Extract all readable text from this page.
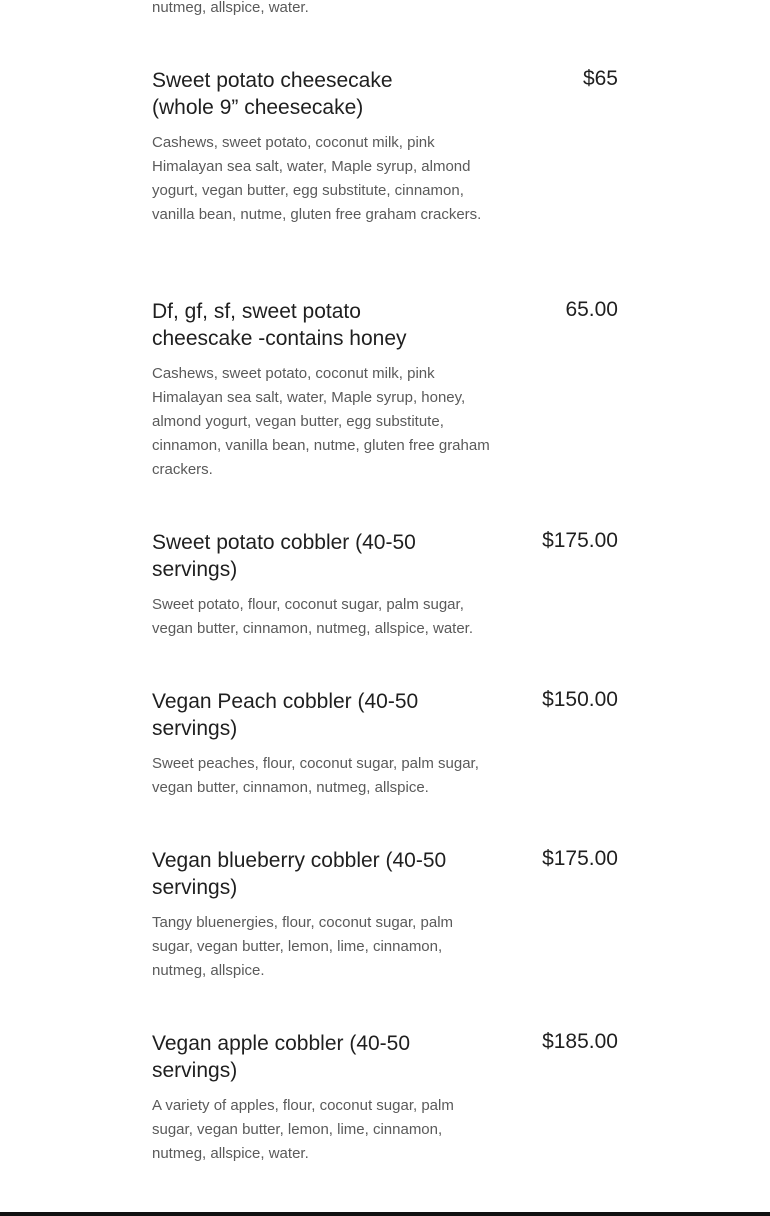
nutmeg, allspice, water.

Sweet potato cheesecake (whole 9” cheesecake)
$65

Cashews, sweet potato, coconut milk, pink Himalayan sea salt, water, Maple syrup, almond yogurt, vegan butter, egg substitute, cinnamon, vanilla bean, nutme, gluten free graham crackers.

Df, gf, sf, sweet potato cheescake -contains honey
65.00

Cashews, sweet potato, coconut milk, pink Himalayan sea salt, water, Maple syrup, honey, almond yogurt, vegan butter, egg substitute, cinnamon, vanilla bean, nutme, gluten free graham crackers.

Sweet potato cobbler (40-50 servings)
$175.00

Sweet potato, flour, coconut sugar, palm sugar, vegan butter, cinnamon, nutmeg, allspice, water.

Vegan Peach cobbler (40-50 servings)
$150.00

Sweet peaches, flour, coconut sugar, palm sugar, vegan butter, cinnamon, nutmeg, allspice.

Vegan blueberry cobbler (40-50 servings)
$175.00

Tangy bluenergies, flour, coconut sugar, palm sugar, vegan butter, lemon, lime, cinnamon, nutmeg, allspice.

Vegan apple cobbler (40-50 servings)
$185.00

A variety of apples, flour, coconut sugar, palm sugar, vegan butter, lemon, lime, cinnamon, nutmeg, allspice, water.
